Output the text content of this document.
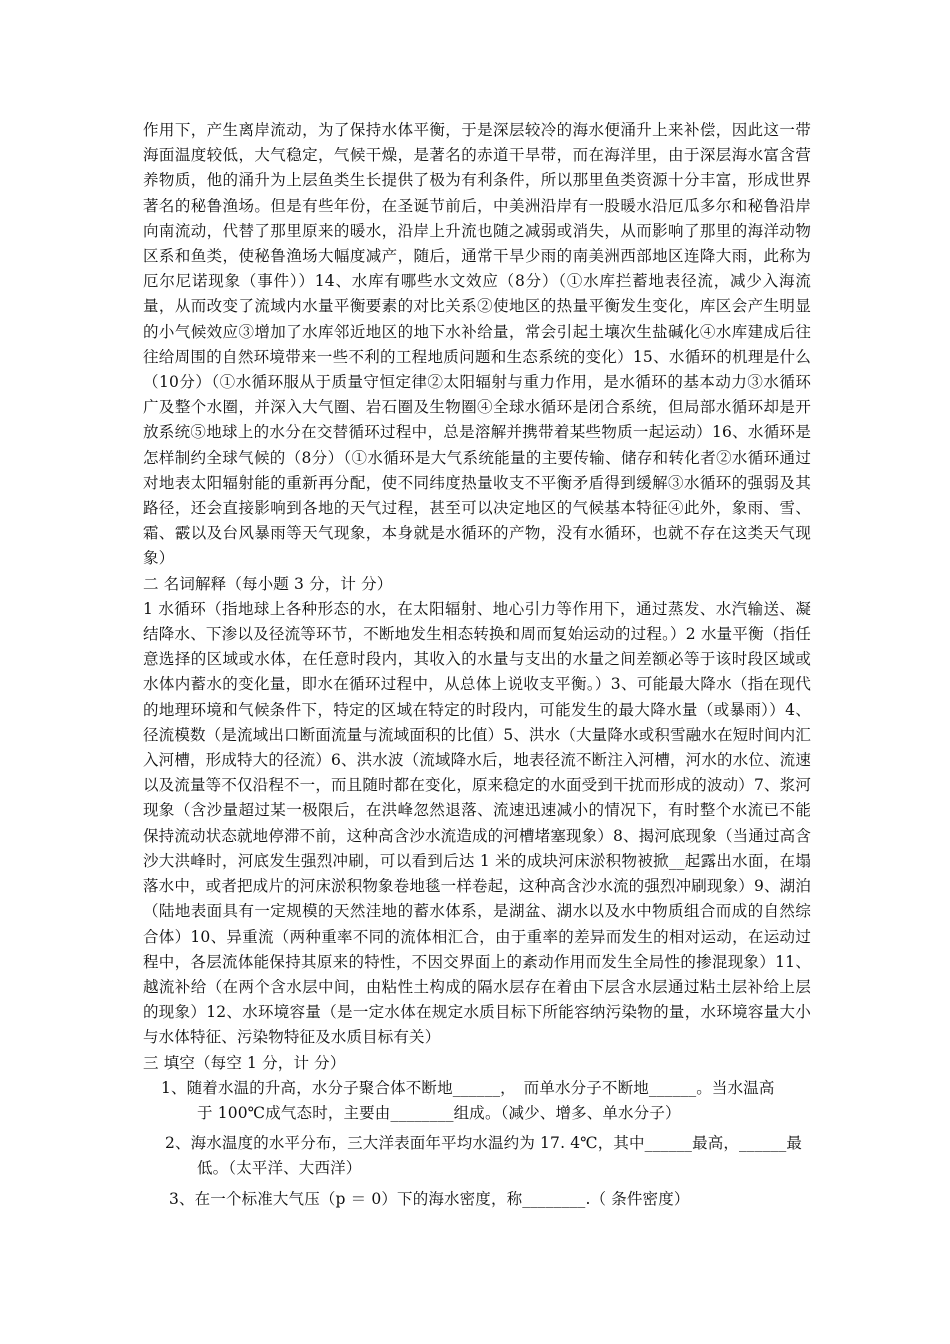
作用下，产生离岸流动，为了保持水体平衡，于是深层较冷的海水便涌升上来补偿，因此这一带海面温度较低，大气稳定，气候干燥，是著名的赤道干旱带，而在海洋里，由于深层海水富含营养物质，他的涌升为上层鱼类生长提供了极为有利条件，所以那里鱼类资源十分丰富，形成世界著名的秘鲁渔场。但是有些年份，在圣诞节前后，中美洲沿岸有一股暖水沿厄瓜多尔和秘鲁沿岸向南流动，代替了那里原来的暖水，沿岸上升流也随之减弱或消失，从而影响了那里的海洋动物区系和鱼类，使秘鲁渔场大幅度减产，随后，通常干旱少雨的南美洲西部地区连降大雨，此称为厄尔尼诺现象（事件））14、水库有哪些水文效应（8分）（①水库拦蓄地表径流，减少入海流量，从而改变了流域内水量平衡要素的对比关系②使地区的热量平衡发生变化，库区会产生明显的小气候效应③增加了水库邻近地区的地下水补给量，常会引起土壤次生盐碱化④水库建成后往往给周围的自然环境带来一些不利的工程地质问题和生态系统的变化）15、水循环的机理是什么（10分）（①水循环服从于质量守恒定律②太阳辐射与重力作用，是水循环的基本动力③水循环广及整个水圈，并深入大气圈、岩石圈及生物圈④全球水循环是闭合系统，但局部水循环却是开放系统⑤地球上的水分在交替循环过程中，总是溶解并携带着某些物质一起运动）16、水循环是怎样制约全球气候的（8分）（①水循环是大气系统能量的主要传输、储存和转化者②水循环通过对地表太阳辐射能的重新再分配，使不同纬度热量收支不平衡矛盾得到缓解③水循环的强弱及其路径，还会直接影响到各地的天气过程，甚至可以决定地区的气候基本特征④此外，象雨、雪、霜、霰以及台风暴雨等天气现象，本身就是水循环的产物，没有水循环，也就不存在这类天气现象）

二 名词解释（每小题 3 分，计 分）

1 水循环（指地球上各种形态的水，在太阳辐射、地心引力等作用下，通过蒸发、水汽输送、凝结降水、下渗以及径流等环节，不断地发生相态转换和周而复始运动的过程。）2 水量平衡（指任意选择的区域或水体，在任意时段内，其收入的水量与支出的水量之间差额必等于该时段区域或水体内蓄水的变化量，即水在循环过程中，从总体上说收支平衡。）3、可能最大降水（指在现代的地理环境和气候条件下，特定的区域在特定的时段内，可能发生的最大降水量（或暴雨））4、径流模数（是流域出口断面流量与流域面积的比值）5、洪水（大量降水或积雪融水在短时间内汇入河槽，形成特大的径流）6、洪水波（流域降水后，地表径流不断注入河槽，河水的水位、流速以及流量等不仅沿程不一，而且随时都在变化，原来稳定的水面受到干扰而形成的波动）7、浆河现象（含沙量超过某一极限后，在洪峰忽然退落、流速迅速减小的情况下，有时整个水流已不能保持流动状态就地停滞不前，这种高含沙水流造成的河槽堵塞现象）8、揭河底现象（当通过高含沙大洪峰时，河底发生强烈冲刷，可以看到后达 1 米的成块河床淤积物被掀__起露出水面，在塌落水中，或者把成片的河床淤积物象卷地毯一样卷起，这种高含沙水流的强烈冲刷现象）9、湖泊（陆地表面具有一定规模的天然洼地的蓄水体系，是湖盆、湖水以及水中物质组合而成的自然综合体）10、异重流（两种重率不同的流体相汇合，由于重率的差异而发生的相对运动，在运动过程中，各层流体能保持其原来的特性，不因交界面上的紊动作用而发生全局性的掺混现象）11、越流补给（在两个含水层中间，由粘性土构成的隔水层存在着由下层含水层通过粘土层补给上层的现象）12、水环境容量（是一定水体在规定水质目标下所能容纳污染物的量，水环境容量大小与水体特征、污染物特征及水质目标有关）

三 填空（每空 1 分，计 分）

1、随着水温的升高，水分子聚合体不断地______，　而单水分子不断地______。当水温高
于 100℃成气态时，主要由________组成。（减少、增多、单水分子）
2、海水温度的水平分布，三大洋表面年平均水温约为 17. 4℃，其中______最高，______最
低。（太平洋、大西洋）
3、在一个标准大气压（p ＝ 0）下的海水密度，称________.（ 条件密度）
